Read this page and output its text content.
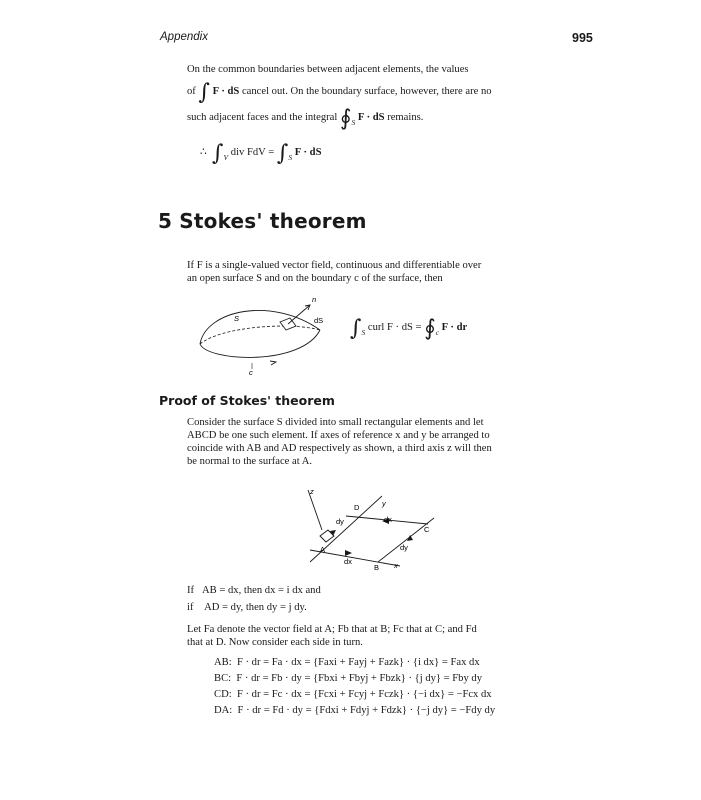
Appendix	995
On the common boundaries between adjacent elements, the values
of ∫ F · dS cancel out. On the boundary surface, however, there are no
such adjacent faces and the integral $∮_S$ F · dS remains.
∴ $\int_V$ div FdV = $\int_S$ F · dS
5 Stokes' theorem
If F is a single-valued vector field, continuous and differentiable over
an open surface S and on the boundary c of the surface, then
n
S	dS
c
$\int_S$ curl F · dS = $∮_c$ F · dr
Proof of Stokes' theorem
Consider the surface S divided into small rectangular elements and let
ABCD be one such element. If axes of reference x and y be arranged to
coincide with AB and AD respectively as shown, a third axis z will then
be normal to the surface at A.
z
y
x
A
B
C
D
dy	dx
dy
dx
If AB = dx, then dx = i dx and
if AD = dy, then dy = j dy.
Let Fa denote the vector field at A; Fb that at B; Fc that at C; and Fd
that at D. Now consider each side in turn.
AB: F · dr = Fa · dx = {Faxi + Fayj + Fazk} · {i dx} = Fax dx
BC: F · dr = Fb · dy = {Fbxi + Fbyj + Fbzk} · {j dy} = Fby dy
CD: F · dr = Fc · dx = {Fcxi + Fcyj + Fczk} · {−i dx} = −Fcx dx
DA: F · dr = Fd · dy = {Fdxi + Fdyj + Fdzk} · {−j dy} = −Fdy dy
